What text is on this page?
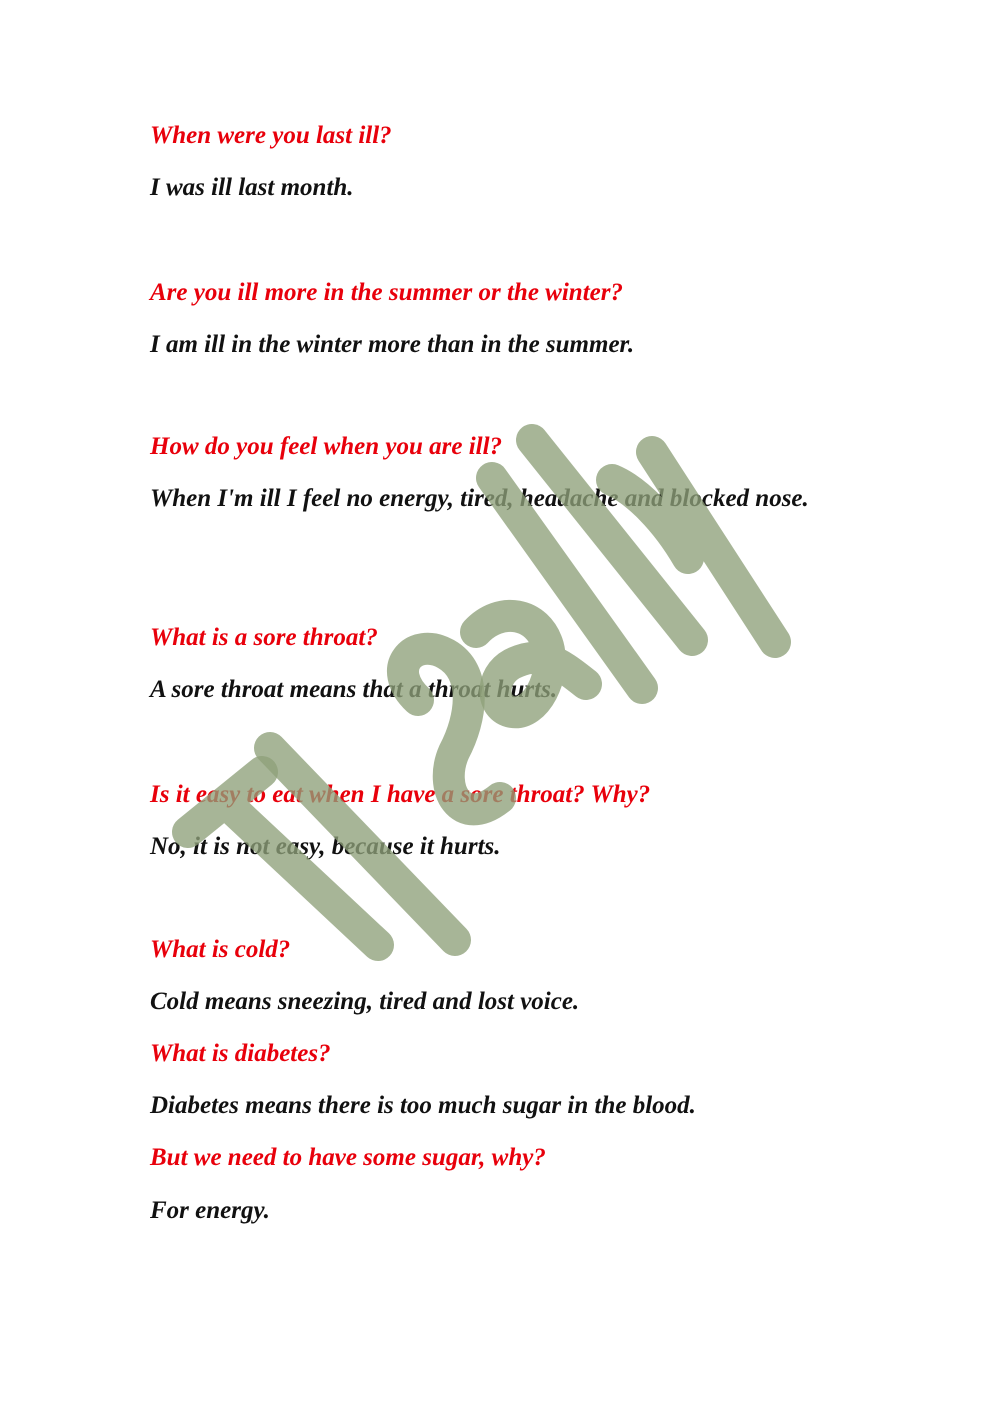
When were you last ill?

I was ill last month.

Are you ill more in the summer or the winter?

I am ill in the winter more than in the summer.

How do you feel when you are ill?

When I'm ill I feel no energy, tired, headache and blocked nose.

What is a sore throat?

A sore throat means that a throat hurts.

Is it easy to eat when I have a sore throat? Why?

No, it is not easy, because it hurts.

What is cold?

Cold means sneezing, tired and lost voice.

What is diabetes?

Diabetes means there is too much sugar in the blood.

But we need to have some sugar, why?

For energy.
